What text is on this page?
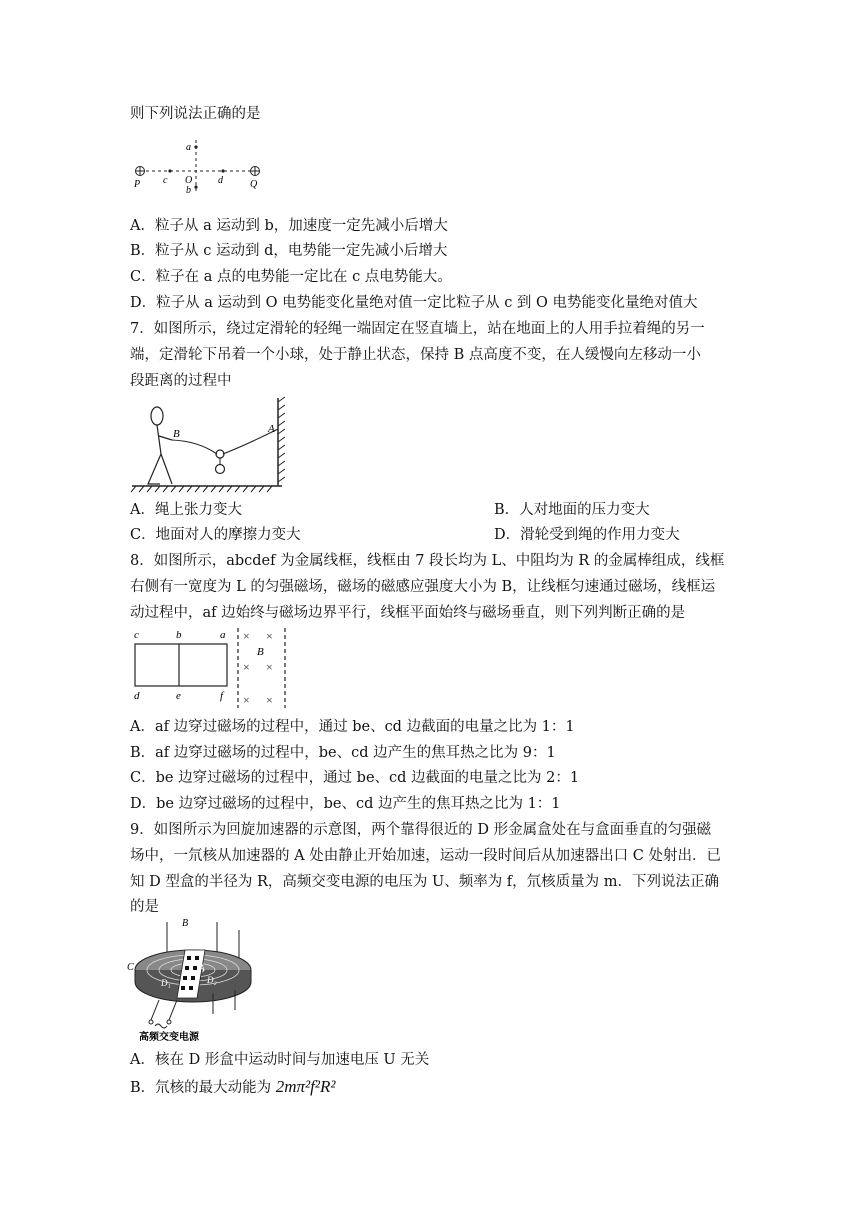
则下列说法正确的是
a
b
c	d
O
P	Q
A．粒子从 a 运动到 b，加速度一定先减小后增大
B．粒子从 c 运动到 d，电势能一定先减小后增大
C．粒子在 a 点的电势能一定比在 c 点电势能大。
D．粒子从 a 运动到 O 电势能变化量绝对值一定比粒子从 c 到 O 电势能变化量绝对值大
7．如图所示，绕过定滑轮的轻绳一端固定在竖直墙上，站在地面上的人用手拉着绳的另一
端，定滑轮下吊着一个小球，处于静止状态，保持 B 点高度不变，在人缓慢向左移动一小
段距离的过程中
B	A
A．绳上张力变大	B．人对地面的压力变大
C．地面对人的摩擦力变大	D．滑轮受到绳的作用力变大
8．如图所示，abcdef 为金属线框，线框由 7 段长均为 L、中阻均为 R 的金属棒组成，线框
右侧有一宽度为 L 的匀强磁场，磁场的磁感应强度大小为 B，让线框匀速通过磁场，线框运
动过程中，af 边始终与磁场边界平行，线框平面始终与磁场垂直，则下列判断正确的是
× ×
× ×
× ×
c	b	a
d	e	f
B
A．af 边穿过磁场的过程中，通过 be、cd 边截面的电量之比为 1：1
B．af 边穿过磁场的过程中，be、cd 边产生的焦耳热之比为 9：1
C．be 边穿过磁场的过程中，通过 be、cd 边截面的电量之比为 2：1
D．be 边穿过磁场的过程中，be、cd 边产生的焦耳热之比为 1：1
9．如图所示为回旋加速器的示意图，两个靠得很近的 D 形金属盒处在与盒面垂直的匀强磁
场中，一氘核从加速器的 A 处由静止开始加速，运动一段时间后从加速器出口 C 处射出．已
知 D 型盒的半径为 R，高频交变电源的电压为 U、频率为 f，氘核质量为 m．下列说法正确
的是
B
C	A
D₁	D₂
高频交变电源
A．核在 D 形盒中运动时间与加速电压 U 无关
B．氘核的最大动能为 2mπ²f²R²
